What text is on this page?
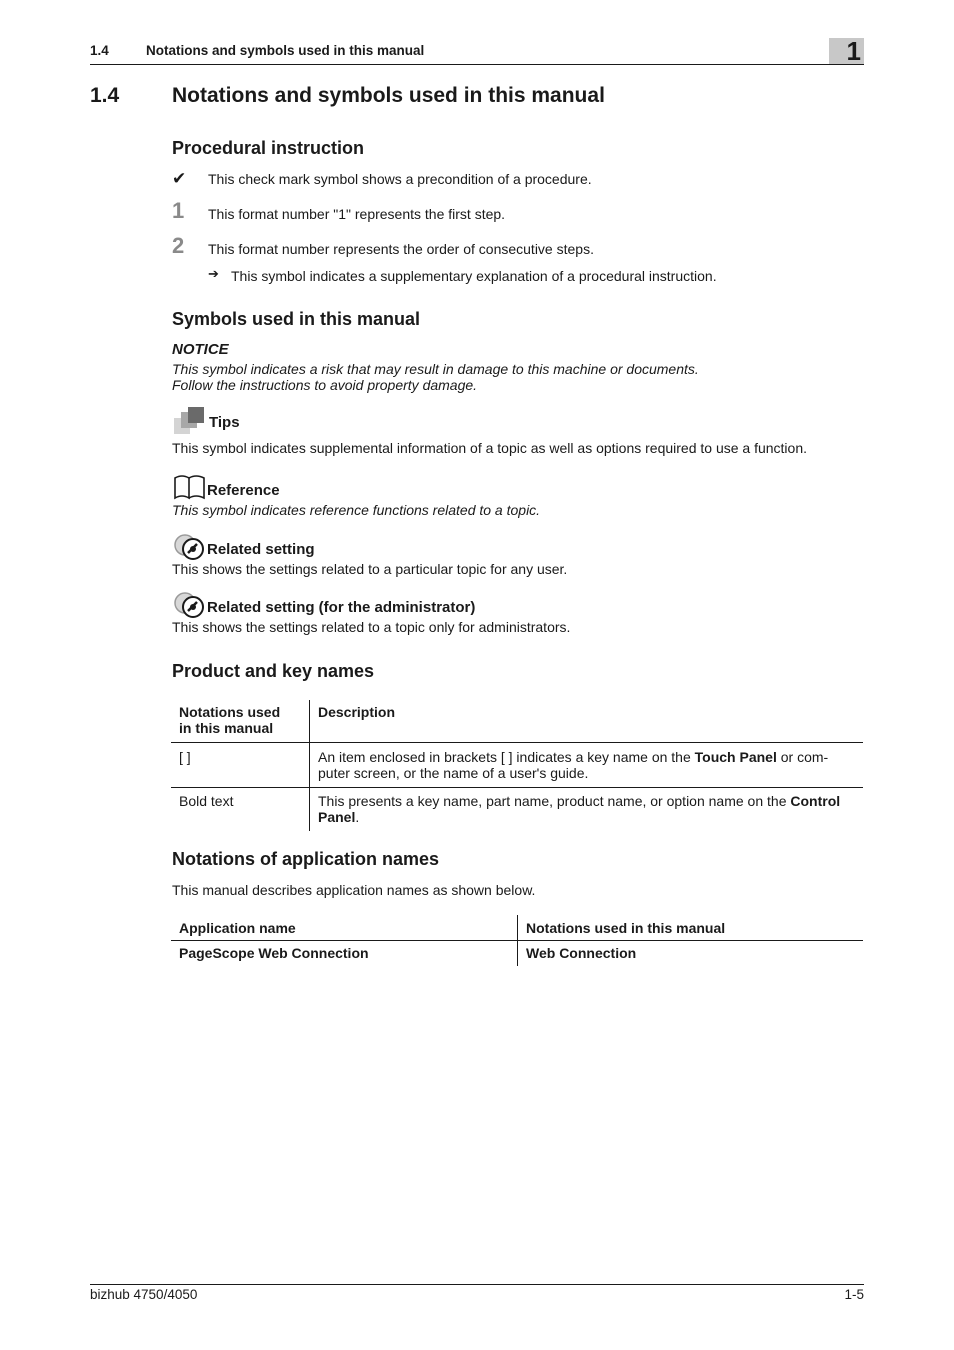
1.4	Notations and symbols used in this manual	1
1.4	Notations and symbols used in this manual
Procedural instruction
✔ This check mark symbol shows a precondition of a procedure.
1 This format number "1" represents the first step.
2 This format number represents the order of consecutive steps.
➔ This symbol indicates a supplementary explanation of a procedural instruction.
Symbols used in this manual
NOTICE
This symbol indicates a risk that may result in damage to this machine or documents.
Follow the instructions to avoid property damage.
Tips
This symbol indicates supplemental information of a topic as well as options required to use a function.
Reference
This symbol indicates reference functions related to a topic.
Related setting
This shows the settings related to a particular topic for any user.
Related setting (for the administrator)
This shows the settings related to a topic only for administrators.
Product and key names
Notations used
in this manual	Description
[ ]	An item enclosed in brackets [ ] indicates a key name on the Touch Panel or com-
puter screen, or the name of a user's guide.
Bold text	This presents a key name, part name, product name, or option name on the Control
Panel.
Notations of application names
This manual describes application names as shown below.
Application name	Notations used in this manual
PageScope Web Connection	Web Connection
bizhub 4750/4050	1-5
